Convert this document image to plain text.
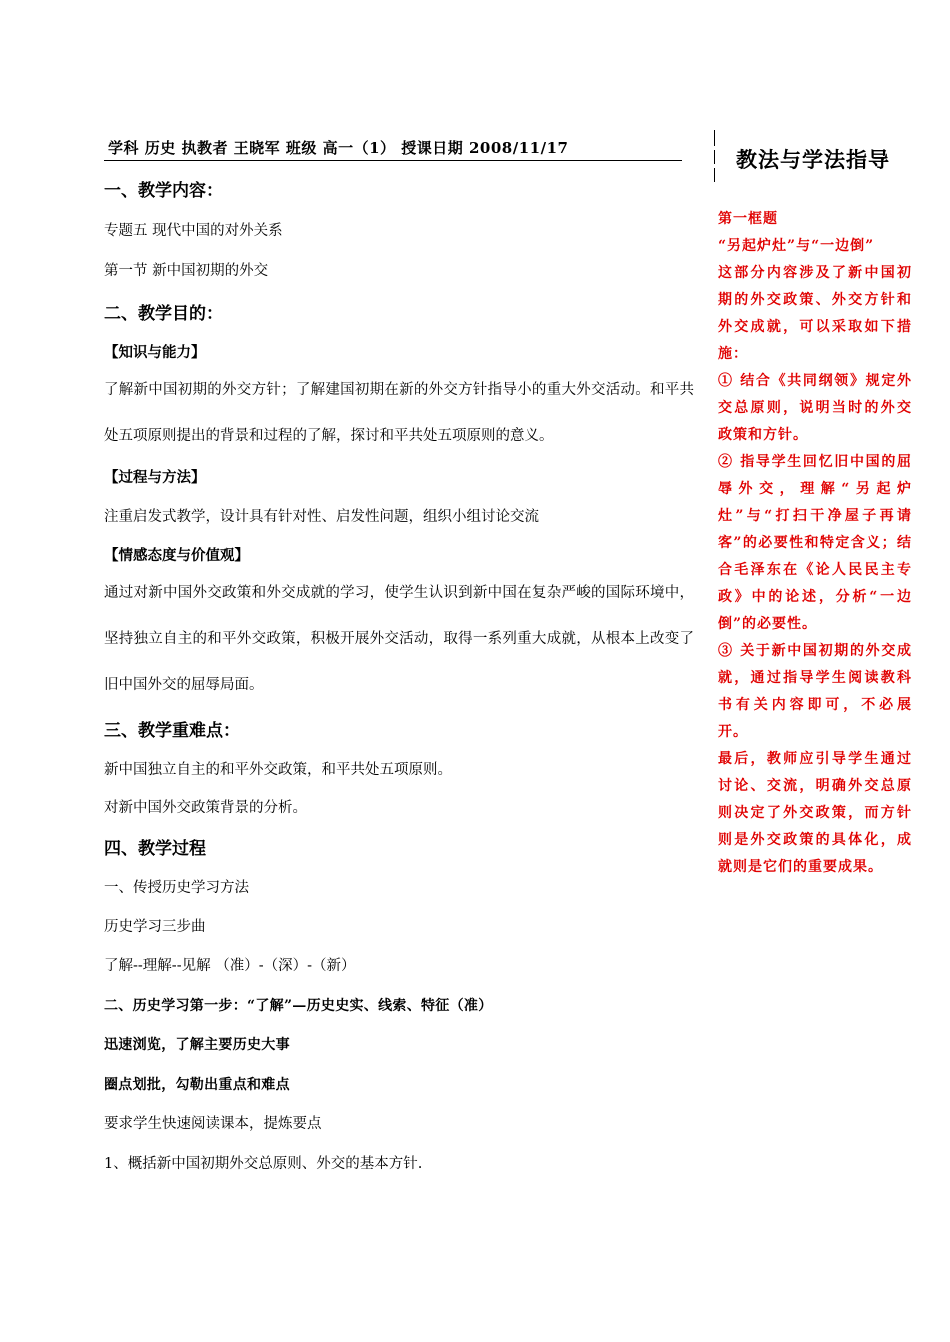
学科 历史 执教者 王晓军 班级 高一（1） 授课日期 2008/11/17	教法与学法指导
一、教学内容：
专题五 现代中国的对外关系
第一节 新中国初期的外交
二、教学目的：
【知识与能力】
了解新中国初期的外交方针；了解建国初期在新的外交方针指导小的重大外交活动。和平共处五项原则提出的背景和过程的了解，探讨和平共处五项原则的意义。
【过程与方法】
注重启发式教学，设计具有针对性、启发性问题，组织小组讨论交流
【情感态度与价值观】
通过对新中国外交政策和外交成就的学习，使学生认识到新中国在复杂严峻的国际环境中，坚持独立自主的和平外交政策，积极开展外交活动，取得一系列重大成就，从根本上改变了旧中国外交的屈辱局面。
三、教学重难点：
新中国独立自主的和平外交政策，和平共处五项原则。
对新中国外交政策背景的分析。
四、教学过程
一、传授历史学习方法
历史学习三步曲
了解--理解--见解 （准）-（深）-（新）
二、历史学习第一步：“了解”—历史史实、线索、特征（准）
迅速浏览，了解主要历史大事
圈点划批，勾勒出重点和难点
要求学生快速阅读课本，提炼要点
1、概括新中国初期外交总原则、外交的基本方针.

第一框题

“另起炉灶”与“一边倒”

这部分内容涉及了新中国初期的外交政策、外交方针和外交成就，可以采取如下措施：

① 结合《共同纲领》规定外交总原则，说明当时的外交政策和方针。

② 指导学生回忆旧中国的屈辱外交，理解“另起炉灶”与“打扫干净屋子再请客”的必要性和特定含义；结合毛泽东在《论人民民主专政》中的论述，分析“一边倒”的必要性。

③ 关于新中国初期的外交成就，通过指导学生阅读教科书有关内容即可，不必展开。

最后，教师应引导学生通过讨论、交流，明确外交总原则决定了外交政策，而方针则是外交政策的具体化，成就则是它们的重要成果。
